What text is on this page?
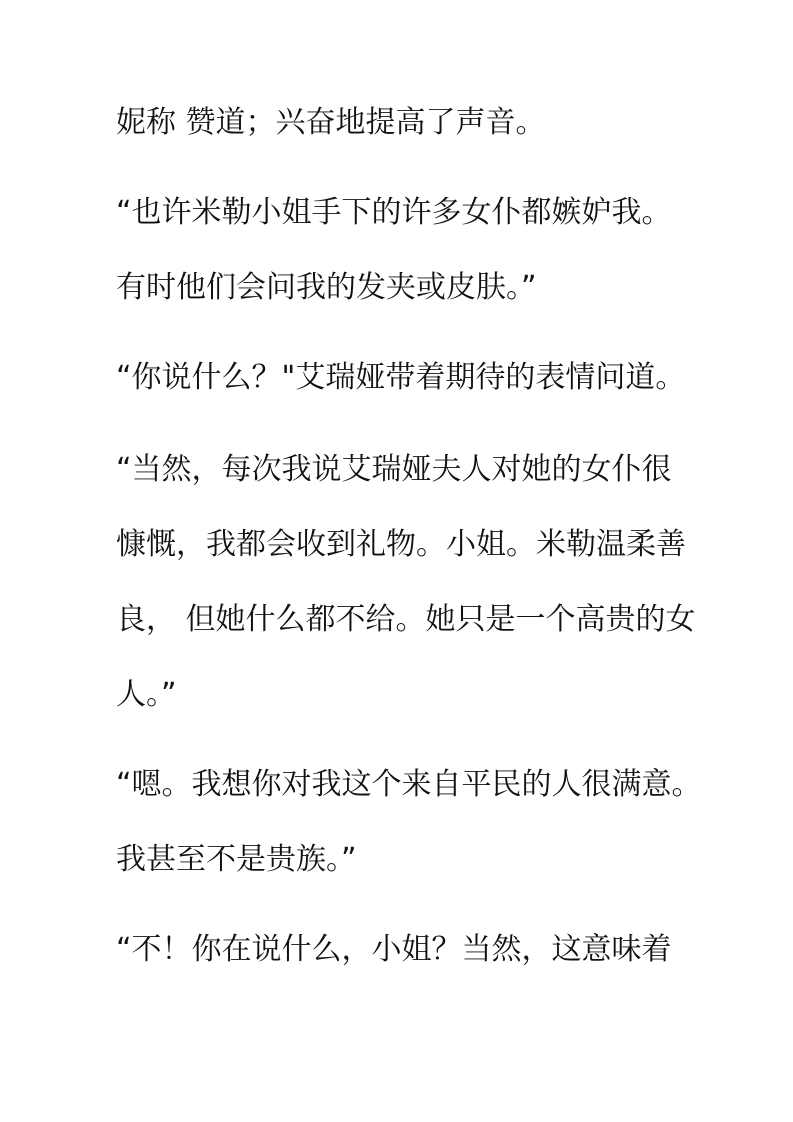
妮称 赞道；兴奋地提高了声音。

“也许米勒小姐手下的许多女仆都嫉妒我。

有时他们会问我的发夹或皮肤。”

“你说什么？"艾瑞娅带着期待的表情问道。

“当然，每次我说艾瑞娅夫人对她的女仆很

慷慨，我都会收到礼物。小姐。米勒温柔善

良， 但她什么都不给。她只是一个高贵的女

人。”

“嗯。我想你对我这个来自平民的人很满意。

我甚至不是贵族。”

“不！你在说什么，小姐？当然，这意味着
